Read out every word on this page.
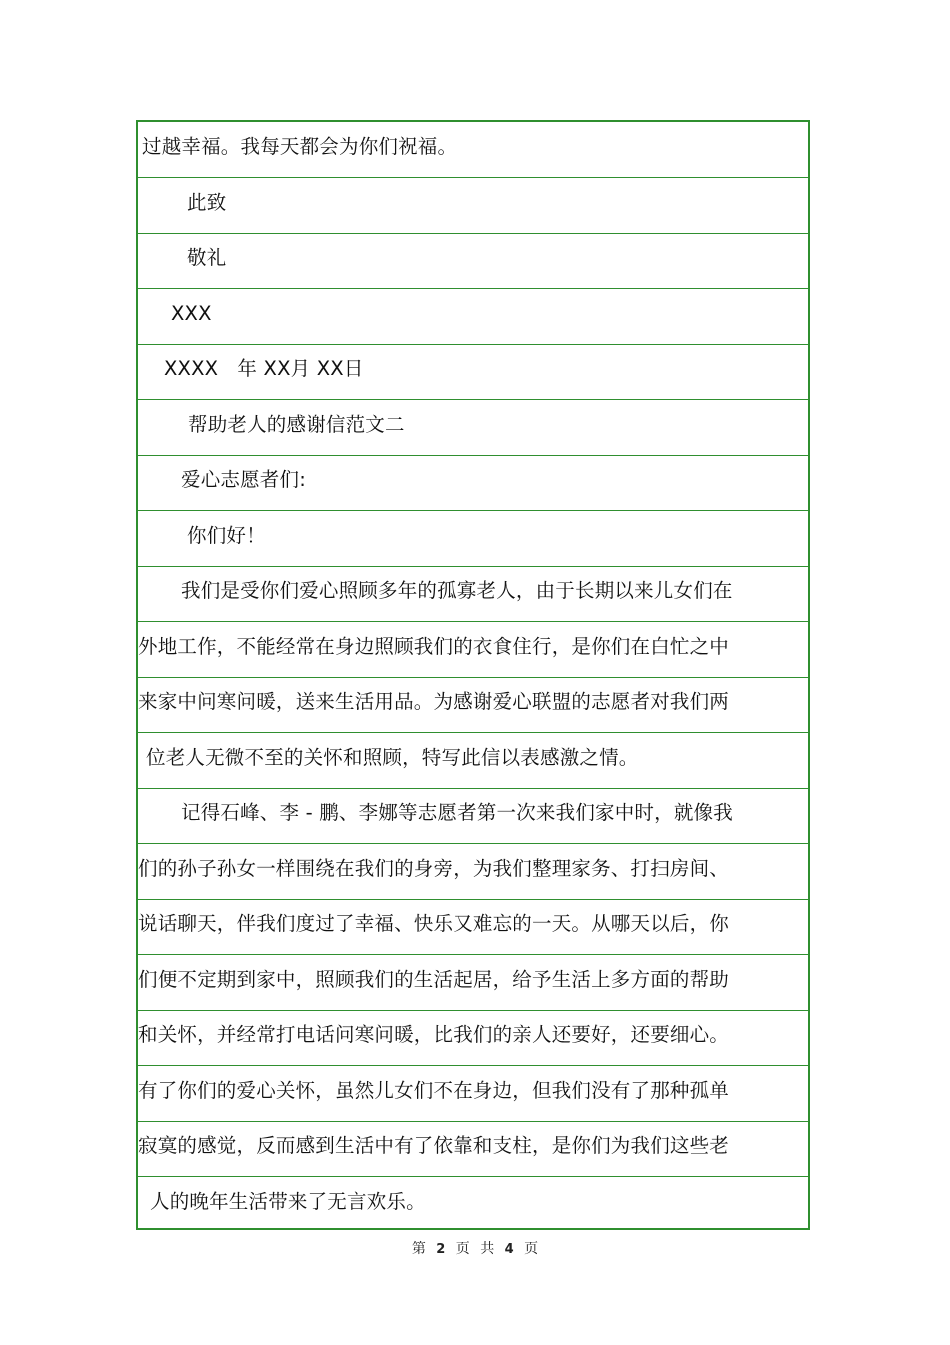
过越幸福。我每天都会为你们祝福。
此致
敬礼
XXX
XXXX   年 XX月 XX日
帮助老人的感谢信范文二
爱心志愿者们:
你们好！
我们是受你们爱心照顾多年的孤寡老人，由于长期以来儿女们在
外地工作，不能经常在身边照顾我们的衣食住行，是你们在白忙之中
来家中问寒问暖，送来生活用品。为感谢爱心联盟的志愿者对我们两
位老人无微不至的关怀和照顾，特写此信以表感激之情。
记得石峰、李 - 鹏、李娜等志愿者第一次来我们家中时，就像我
们的孙子孙女一样围绕在我们的身旁，为我们整理家务、打扫房间、
说话聊天，伴我们度过了幸福、快乐又难忘的一天。从哪天以后，你
们便不定期到家中，照顾我们的生活起居，给予生活上多方面的帮助
和关怀，并经常打电话问寒问暖，比我们的亲人还要好，还要细心。
有了你们的爱心关怀，虽然儿女们不在身边，但我们没有了那种孤单
寂寞的感觉，反而感到生活中有了依靠和支柱，是你们为我们这些老
人的晚年生活带来了无言欢乐。
第 2 页 共 4 页
